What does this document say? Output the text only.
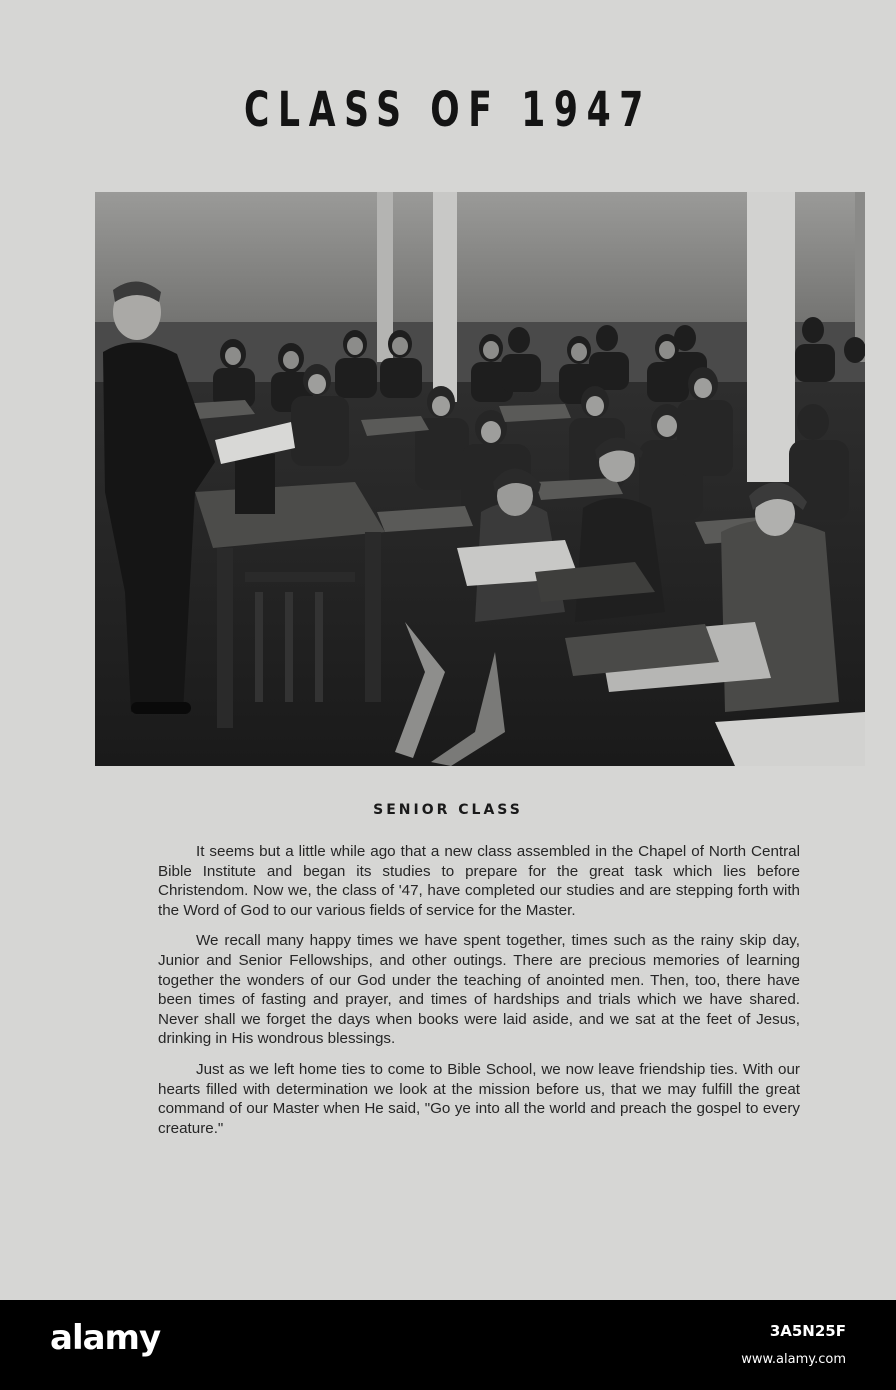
CLASS OF 1947
SENIOR CLASS

It seems but a little while ago that a new class assembled in the Chapel of North Central Bible Institute and began its studies to prepare for the great task which lies before Christendom. Now we, the class of '47, have completed our studies and are stepping forth with the Word of God to our various fields of service for the Master.

We recall many happy times we have spent together, times such as the rainy skip day, Junior and Senior Fellowships, and other outings. There are precious memories of learning together the wonders of our God under the teaching of anointed men. Then, too, there have been times of fasting and prayer, and times of hardships and trials which we have shared. Never shall we forget the days when books were laid aside, and we sat at the feet of Jesus, drinking in His wondrous blessings.

Just as we left home ties to come to Bible School, we now leave friendship ties. With our hearts filled with determination we look at the mission before us, that we may fulfill the great command of our Master when He said, "Go ye into all the world and preach the gospel to every creature."

alamy	3A5N25F
www.alamy.com
